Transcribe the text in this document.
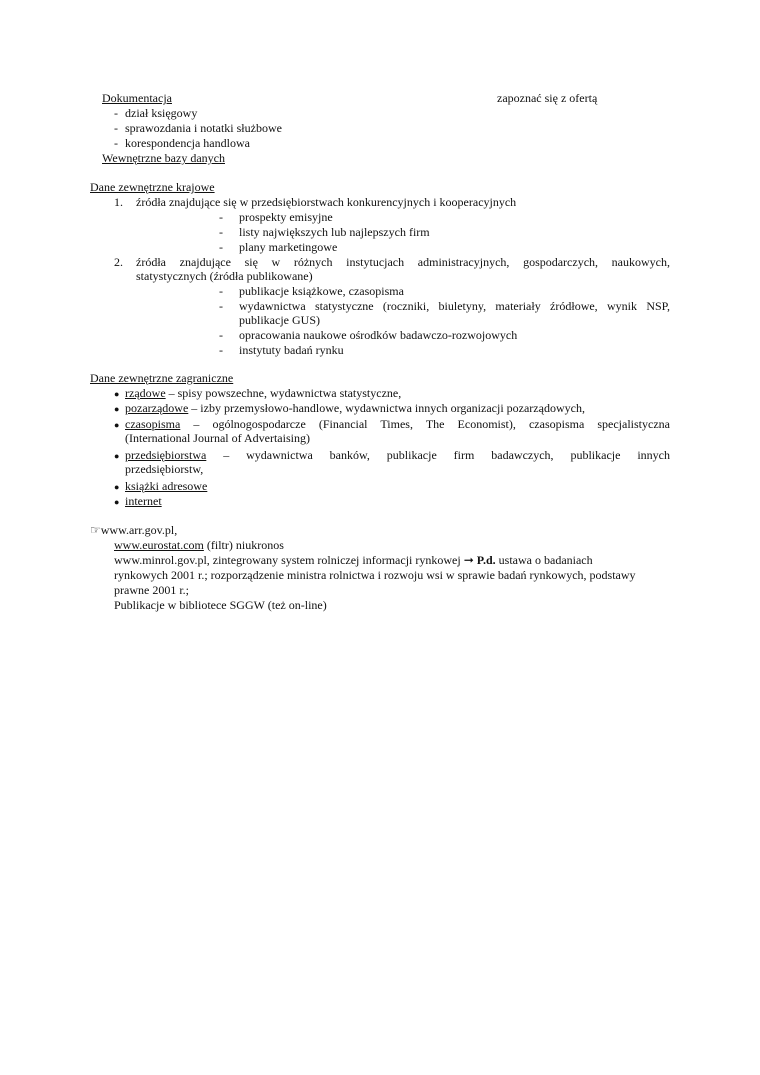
Dokumentacja	zapoznać się z ofertą
- dział księgowy
- sprawozdania i notatki służbowe
- korespondencja handlowa
Wewnętrzne bazy danych
Dane zewnętrzne krajowe
1. źródła znajdujące się w przedsiębiorstwach konkurencyjnych i kooperacyjnych
- prospekty emisyjne
- listy największych lub najlepszych firm
- plany marketingowe
2. źródła znajdujące się w różnych instytucjach administracyjnych, gospodarczych, naukowych,
statystycznych (źródła publikowane)
- publikacje książkowe, czasopisma
- wydawnictwa statystyczne (roczniki, biuletyny, materiały źródłowe, wynik NSP,
publikacje GUS)
- opracowania naukowe ośrodków badawczo-rozwojowych
- instytuty badań rynku
Dane zewnętrzne zagraniczne
● rządowe – spisy powszechne, wydawnictwa statystyczne,
● pozarządowe – izby przemysłowo-handlowe, wydawnictwa innych organizacji pozarządowych,
● czasopisma – ogólnogospodarcze (Financial Times, The Economist), czasopisma specjalistyczna
(International Journal of Advertaising)
● przedsiębiorstwa – wydawnictwa banków, publikacje firm badawczych, publikacje innych
przedsiębiorstw,
● książki adresowe
● internet
☞www.arr.gov.pl,
www.eurostat.com (filtr) niukronos
www.minrol.gov.pl, zintegrowany system rolniczej informacji rynkowej ➞ P.d. ustawa o badaniach
rynkowych 2001 r.; rozporządzenie ministra rolnictwa i rozwoju wsi w sprawie badań rynkowych, podstawy
prawne 2001 r.;
Publikacje w bibliotece SGGW (też on-line)
